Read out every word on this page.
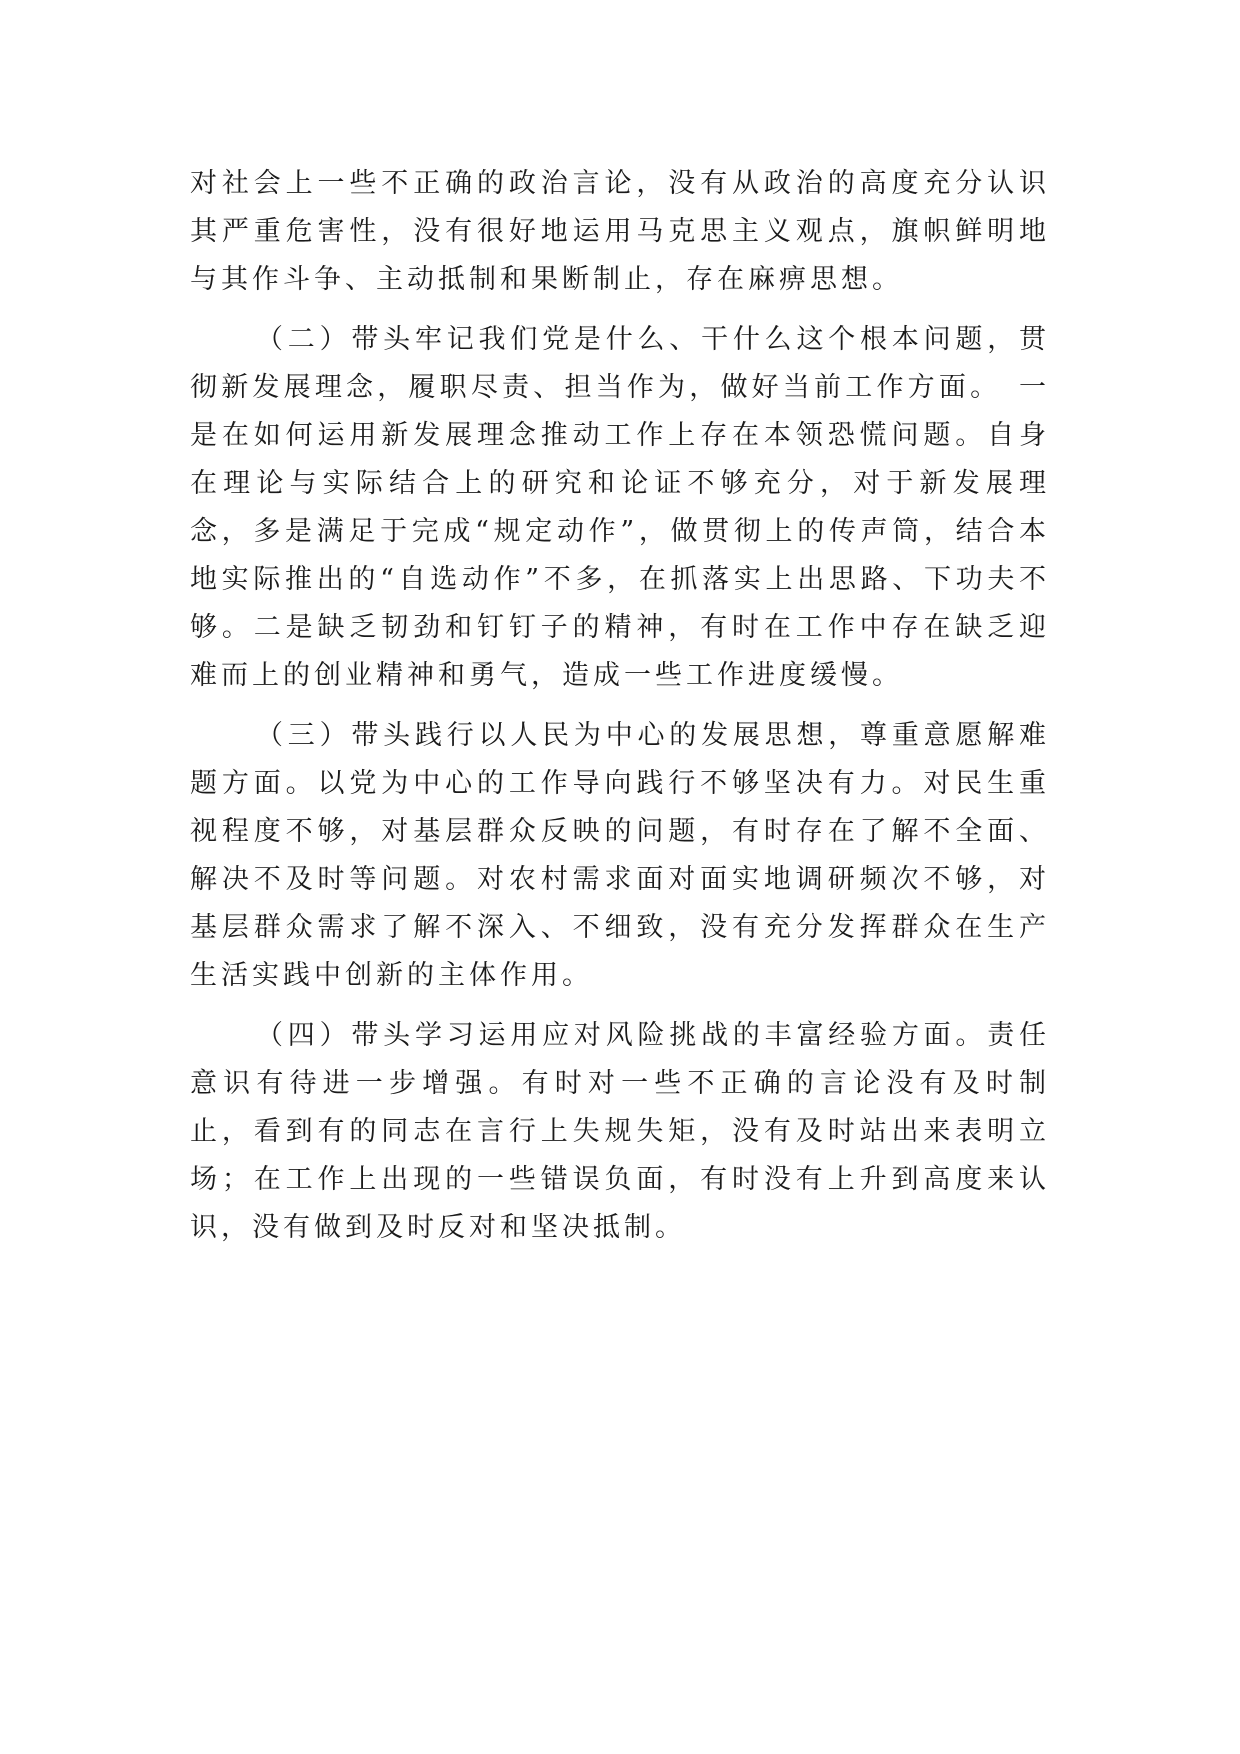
对社会上一些不正确的政治言论，没有从政治的高度充分认识其严重危害性，没有很好地运用马克思主义观点，旗帜鲜明地与其作斗争、主动抵制和果断制止，存在麻痹思想。

（二）带头牢记我们党是什么、干什么这个根本问题，贯彻新发展理念，履职尽责、担当作为，做好当前工作方面。　一是在如何运用新发展理念推动工作上存在本领恐慌问题。自身在理论与实际结合上的研究和论证不够充分，对于新发展理念，多是满足于完成“规定动作”，做贯彻上的传声筒，结合本地实际推出的“自选动作”不多，在抓落实上出思路、下功夫不够。二是缺乏韧劲和钉钉子的精神，有时在工作中存在缺乏迎难而上的创业精神和勇气，造成一些工作进度缓慢。

（三）带头践行以人民为中心的发展思想，尊重意愿解难题方面。以党为中心的工作导向践行不够坚决有力。对民生重视程度不够，对基层群众反映的问题，有时存在了解不全面、解决不及时等问题。对农村需求面对面实地调研频次不够，对基层群众需求了解不深入、不细致，没有充分发挥群众在生产生活实践中创新的主体作用。

（四）带头学习运用应对风险挑战的丰富经验方面。责任意识有待进一步增强。有时对一些不正确的言论没有及时制止，看到有的同志在言行上失规失矩，没有及时站出来表明立场；在工作上出现的一些错误负面，有时没有上升到高度来认识，没有做到及时反对和坚决抵制。
